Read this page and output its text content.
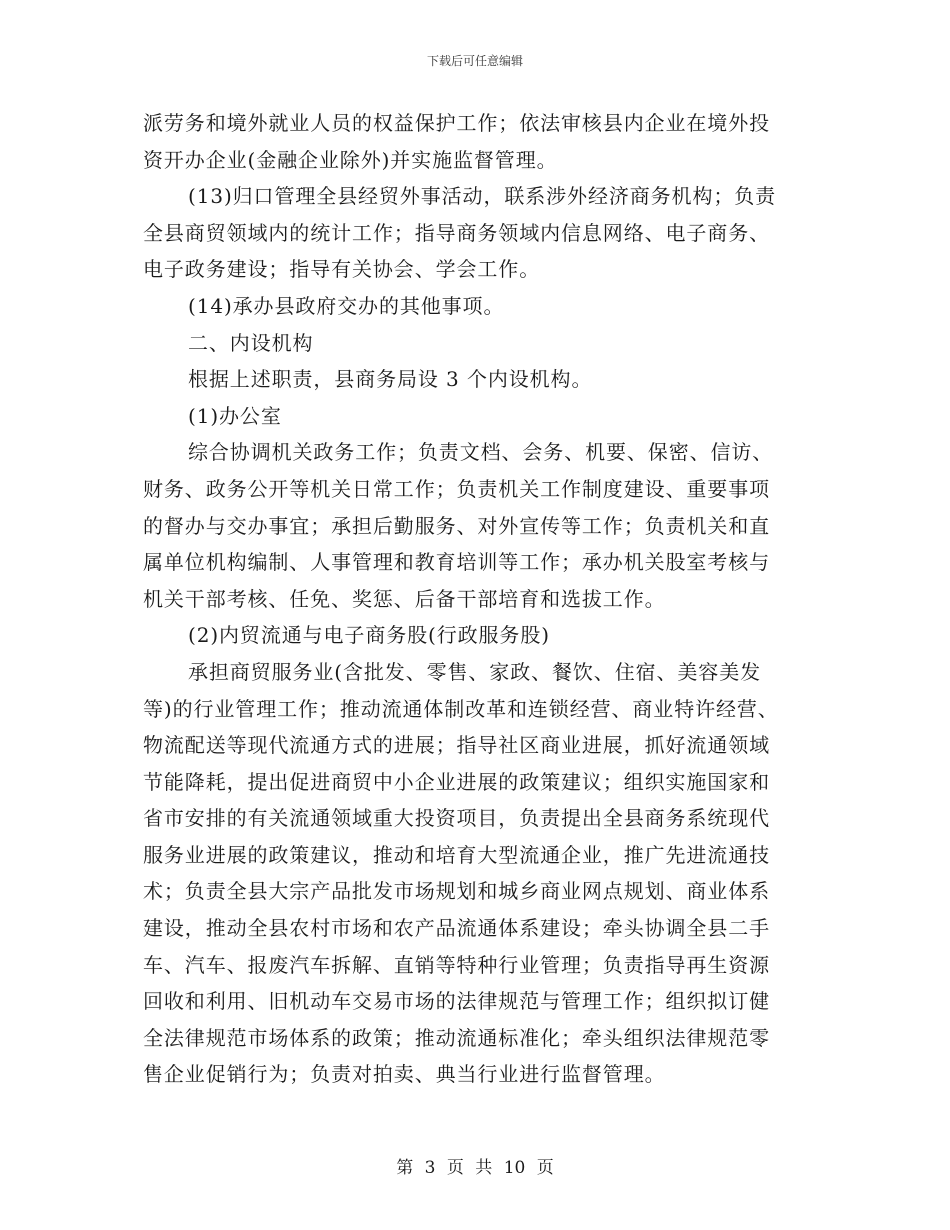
下载后可任意编辑
派劳务和境外就业人员的权益保护工作；依法审核县内企业在境外投
资开办企业(金融企业除外)并实施监督管理。
(13)归口管理全县经贸外事活动，联系涉外经济商务机构；负责
全县商贸领域内的统计工作；指导商务领域内信息网络、电子商务、
电子政务建设；指导有关协会、学会工作。
(14)承办县政府交办的其他事项。
二、内设机构
根据上述职责，县商务局设 3 个内设机构。
(1)办公室
综合协调机关政务工作；负责文档、会务、机要、保密、信访、
财务、政务公开等机关日常工作；负责机关工作制度建设、重要事项
的督办与交办事宜；承担后勤服务、对外宣传等工作；负责机关和直
属单位机构编制、人事管理和教育培训等工作；承办机关股室考核与
机关干部考核、任免、奖惩、后备干部培育和选拔工作。
(2)内贸流通与电子商务股(行政服务股)
承担商贸服务业(含批发、零售、家政、餐饮、住宿、美容美发
等)的行业管理工作；推动流通体制改革和连锁经营、商业特许经营、
物流配送等现代流通方式的进展；指导社区商业进展，抓好流通领域
节能降耗，提出促进商贸中小企业进展的政策建议；组织实施国家和
省市安排的有关流通领域重大投资项目，负责提出全县商务系统现代
服务业进展的政策建议，推动和培育大型流通企业，推广先进流通技
术；负责全县大宗产品批发市场规划和城乡商业网点规划、商业体系
建设，推动全县农村市场和农产品流通体系建设；牵头协调全县二手
车、汽车、报废汽车拆解、直销等特种行业管理；负责指导再生资源
回收和利用、旧机动车交易市场的法律规范与管理工作；组织拟订健
全法律规范市场体系的政策；推动流通标准化；牵头组织法律规范零
售企业促销行为；负责对拍卖、典当行业进行监督管理。
第 3 页 共 10 页
